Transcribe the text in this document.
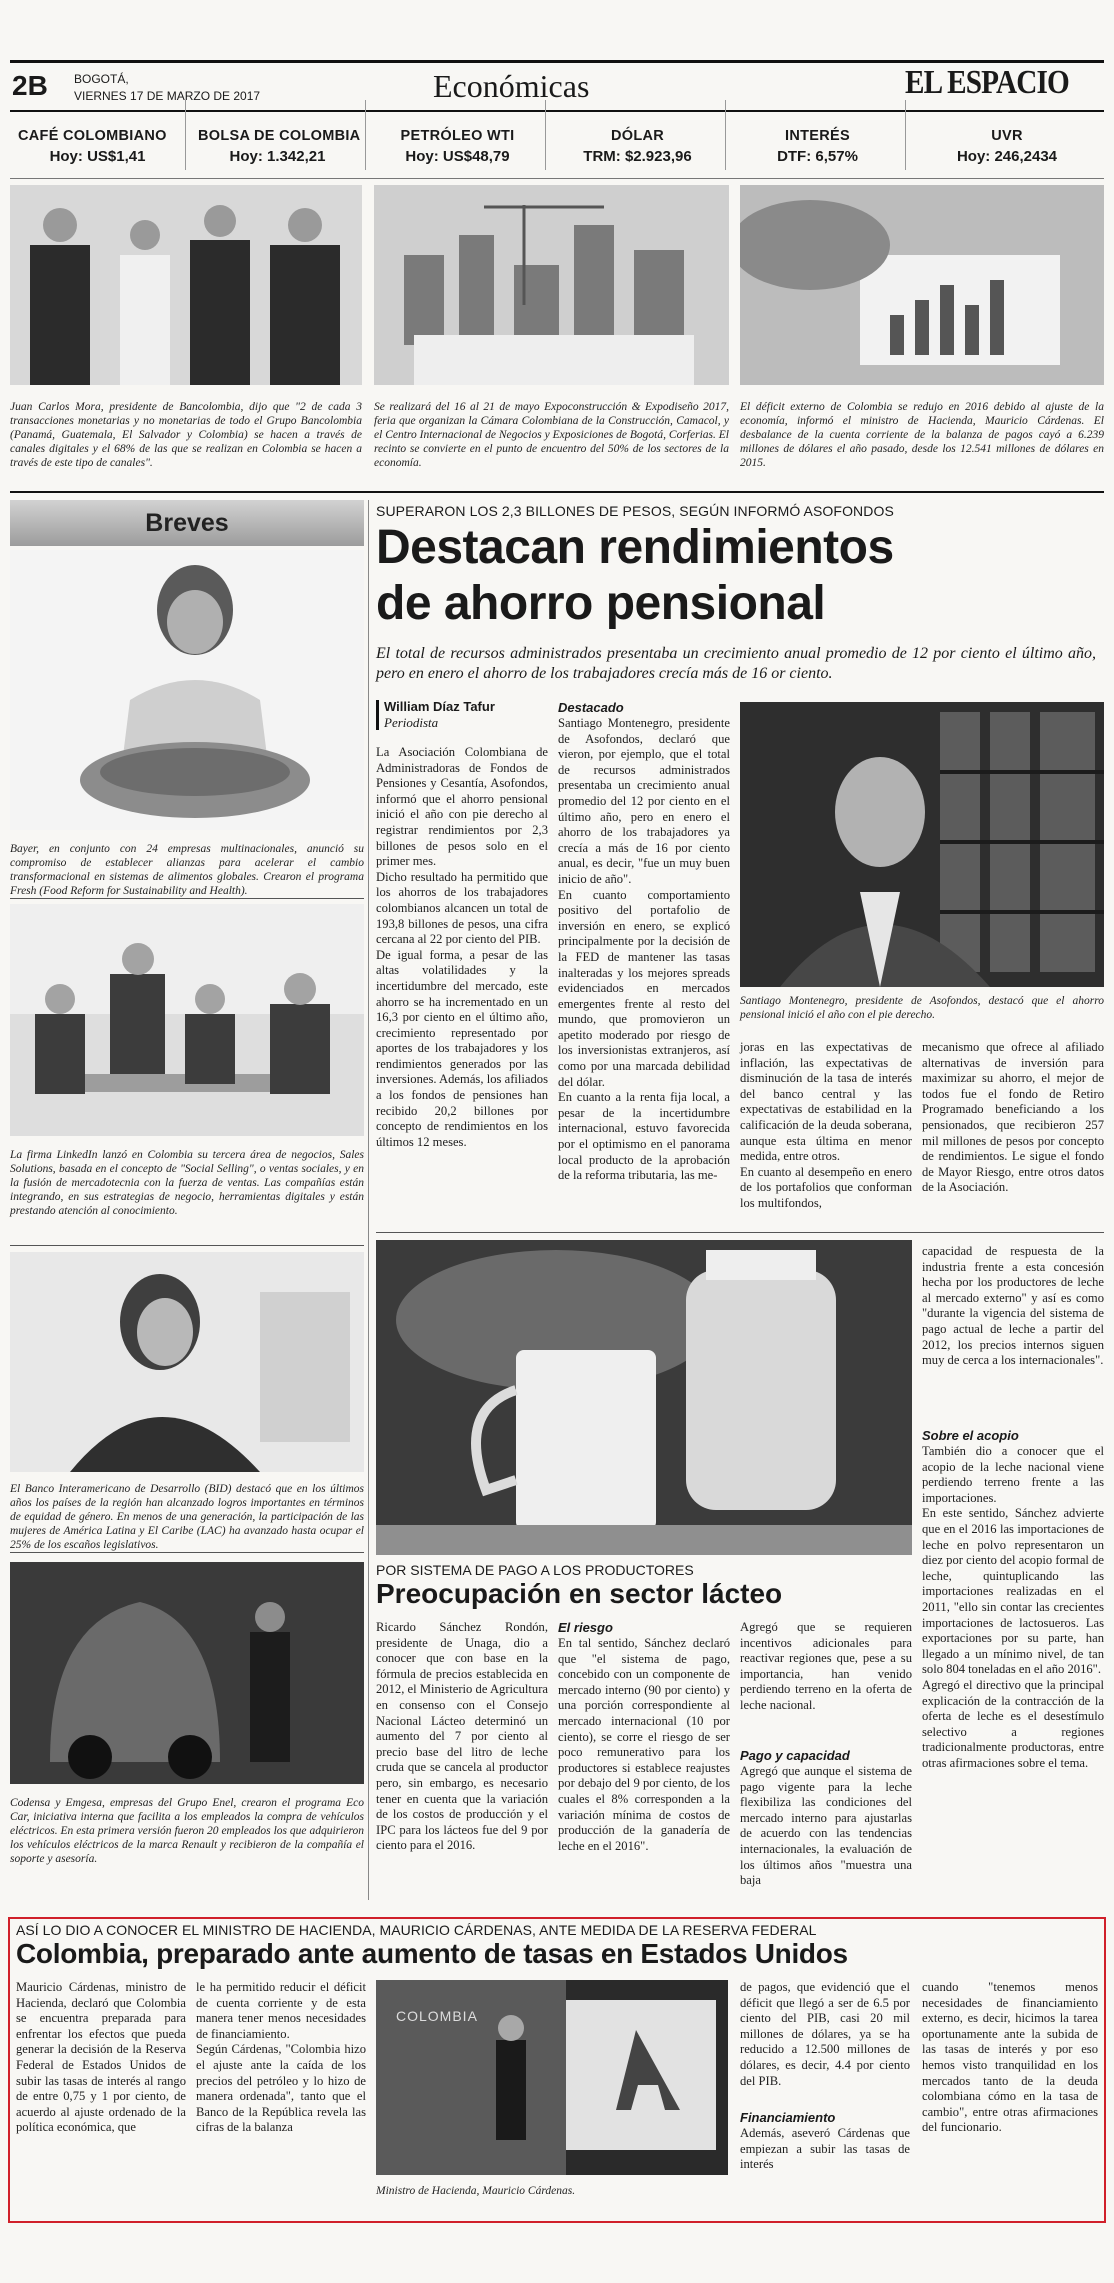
2B BOGOTÁ,
VIERNES 17 DE MARZO DE 2017	Económicas	EL ESPACIO
CAFÉ COLOMBIANO
Hoy: US$1,41
BOLSA DE COLOMBIA
Hoy: 1.342,21
PETRÓLEO WTI
Hoy: US$48,79
DÓLAR
TRM: $2.923,96
INTERÉS
DTF: 6,57%
UVR
Hoy: 246,2434
Juan Carlos Mora, presidente de Bancolombia, dijo que "2 de cada 3 transacciones monetarias y no monetarias de todo el Grupo Bancolombia (Panamá, Guatemala, El Salvador y Colombia) se hacen a través de canales digitales y el 68% de las que se realizan en Colombia se hacen a través de este tipo de canales".
Se realizará del 16 al 21 de mayo Expoconstrucción & Expodiseño 2017, feria que organizan la Cámara Colombiana de la Construcción, Camacol, y el Centro Internacional de Negocios y Exposiciones de Bogotá, Corferias. El recinto se convierte en el punto de encuentro del 50% de los sectores de la economía.
El déficit externo de Colombia se redujo en 2016 debido al ajuste de la economía, informó el ministro de Hacienda, Mauricio Cárdenas. El desbalance de la cuenta corriente de la balanza de pagos cayó a 6.239 millones de dólares el año pasado, desde los 12.541 millones de dólares en 2015.
Breves
Bayer, en conjunto con 24 empresas multinacionales, anunció su compromiso de establecer alianzas para acelerar el cambio transformacional en sistemas de alimentos globales. Crearon el programa Fresh (Food Reform for Sustainability and Health).
La firma LinkedIn lanzó en Colombia su tercera área de negocios, Sales Solutions, basada en el concepto de "Social Selling", o ventas sociales, y en la fusión de mercadotecnia con la fuerza de ventas. Las compañías están integrando, en sus estrategias de negocio, herramientas digitales y están prestando atención al conocimiento.
El Banco Interamericano de Desarrollo (BID) destacó que en los últimos años los países de la región han alcanzado logros importantes en términos de equidad de género. En menos de una generación, la participación de las mujeres de América Latina y El Caribe (LAC) ha avanzado hasta ocupar el 25% de los escaños legislativos.
Codensa y Emgesa, empresas del Grupo Enel, crearon el programa Eco Car, iniciativa interna que facilita a los empleados la compra de vehículos eléctricos. En esta primera versión fueron 20 empleados los que adquirieron los vehículos eléctricos de la marca Renault y recibieron de la compañía el soporte y asesoría.
SUPERARON LOS 2,3 BILLONES DE PESOS, SEGÚN INFORMÓ ASOFONDOS
Destacan rendimientos
de ahorro pensional
El total de recursos administrados presentaba un crecimiento anual promedio de 12 por ciento el último año, pero en enero el ahorro de los trabajadores crecía más de 16 or ciento.
William Díaz Tafur
Periodista
La Asociación Colombiana de Administradoras de Fondos de Pensiones y Cesantía, Asofondos, informó que el ahorro pensional inició el año con pie derecho al registrar rendimientos por 2,3 billones de pesos solo en el primer mes.
Dicho resultado ha permitido que los ahorros de los trabajadores colombianos alcancen un total de 193,8 billones de pesos, una cifra cercana al 22 por ciento del PIB.
De igual forma, a pesar de las altas volatilidades y la incertidumbre del mercado, este ahorro se ha incrementado en un 16,3 por ciento en el último año, crecimiento representado por aportes de los trabajadores y los rendimientos generados por las inversiones. Además, los afiliados a los fondos de pensiones han recibido 20,2 billones por concepto de rendimientos en los últimos 12 meses.
Destacado
Santiago Montenegro, presidente de Asofondos, declaró que vieron, por ejemplo, que el total de recursos administrados presentaba un crecimiento anual promedio del 12 por ciento en el último año, pero en enero el ahorro de los trabajadores ya crecía a más de 16 por ciento anual, es decir, "fue un muy buen inicio de año".
En cuanto comportamiento positivo del portafolio de inversión en enero, se explicó principalmente por la decisión de la FED de mantener las tasas inalteradas y los mejores spreads evidenciados en mercados emergentes frente al resto del mundo, que promovieron un apetito moderado por riesgo de los inversionistas extranjeros, así como por una marcada debilidad del dólar.
En cuanto a la renta fija local, a pesar de la incertidumbre internacional, estuvo favorecida por el optimismo en el panorama local producto de la aprobación de la reforma tributaria, las me-
Santiago Montenegro, presidente de Asofondos, destacó que el ahorro pensional inició el año con el pie derecho.
joras en las expectativas de inflación, las expectativas de disminución de la tasa de interés del banco central y las expectativas de estabilidad en la calificación de la deuda soberana, aunque esta última en menor medida, entre otros.
En cuanto al desempeño en enero de los portafolios que conforman los multifondos,
mecanismo que ofrece al afiliado alternativas de inversión para maximizar su ahorro, el mejor de todos fue el fondo de Retiro Programado beneficiando a los pensionados, que recibieron 257 mil millones de pesos por concepto de rendimientos. Le sigue el fondo de Mayor Riesgo, entre otros datos de la Asociación.
POR SISTEMA DE PAGO A LOS PRODUCTORES
Preocupación en sector lácteo
Ricardo Sánchez Rondón, presidente de Unaga, dio a conocer que con base en la fórmula de precios establecida en 2012, el Ministerio de Agricultura en consenso con el Consejo Nacional Lácteo determinó un aumento del 7 por ciento al precio base del litro de leche cruda que se cancela al productor pero, sin embargo, es necesario tener en cuenta que la variación de los costos de producción y el IPC para los lácteos fue del 9 por ciento para el 2016.
El riesgo
En tal sentido, Sánchez declaró que "el sistema de pago, concebido con un componente de mercado interno (90 por ciento) y una porción correspondiente al mercado internacional (10 por ciento), se corre el riesgo de ser poco remunerativo para los productores si establece reajustes por debajo del 9 por ciento, de los cuales el 8% corresponden a la variación mínima de costos de producción de la ganadería de leche en el 2016".
Agregó que se requieren incentivos adicionales para reactivar regiones que, pese a su importancia, han venido perdiendo terreno en la oferta de leche nacional.
Pago y capacidad
Agregó que aunque el sistema de pago vigente para la leche flexibiliza las condiciones del mercado interno para ajustarlas de acuerdo con las tendencias internacionales, la evaluación de los últimos años "muestra una baja
capacidad de respuesta de la industria frente a esta concesión hecha por los productores de leche al mercado externo" y así es como "durante la vigencia del sistema de pago actual de leche a partir del 2012, los precios internos siguen muy de cerca a los internacionales".
Sobre el acopio
También dio a conocer que el acopio de la leche nacional viene perdiendo terreno frente a las importaciones.
En este sentido, Sánchez advierte que en el 2016 las importaciones de leche en polvo representaron un diez por ciento del acopio formal de leche, quintuplicando las importaciones realizadas en el 2011, "ello sin contar las crecientes importaciones de lactosueros. Las exportaciones por su parte, han llegado a un mínimo nivel, de tan solo 804 toneladas en el año 2016".
Agregó el directivo que la principal explicación de la contracción de la oferta de leche es el desestímulo selectivo a regiones tradicionalmente productoras, entre otras afirmaciones sobre el tema.
ASÍ LO DIO A CONOCER EL MINISTRO DE HACIENDA, MAURICIO CÁRDENAS, ANTE MEDIDA DE LA RESERVA FEDERAL
Colombia, preparado ante aumento de tasas en Estados Unidos
Mauricio Cárdenas, ministro de Hacienda, declaró que Colombia se encuentra preparada para enfrentar los efectos que pueda generar la decisión de la Reserva Federal de Estados Unidos de subir las tasas de interés al rango de entre 0,75 y 1 por ciento, de acuerdo al ajuste ordenado de la política económica, que
le ha permitido reducir el déficit de cuenta corriente y de esta manera tener menos necesidades de financiamiento.
Según Cárdenas, "Colombia hizo el ajuste ante la caída de los precios del petróleo y lo hizo de manera ordenada", tanto que el Banco de la República revela las cifras de la balanza
COLOMBIA
Ministro de Hacienda, Mauricio Cárdenas.
de pagos, que evidenció que el déficit que llegó a ser de 6.5 por ciento del PIB, casi 20 mil millones de dólares, ya se ha reducido a 12.500 millones de dólares, es decir, 4.4 por ciento del PIB.
Financiamiento
Además, aseveró Cárdenas que empiezan a subir las tasas de interés
cuando "tenemos menos necesidades de financiamiento externo, es decir, hicimos la tarea oportunamente ante la subida de las tasas de interés y por eso hemos visto tranquilidad en los mercados tanto de la deuda colombiana cómo en la tasa de cambio", entre otras afirmaciones del funcionario.
